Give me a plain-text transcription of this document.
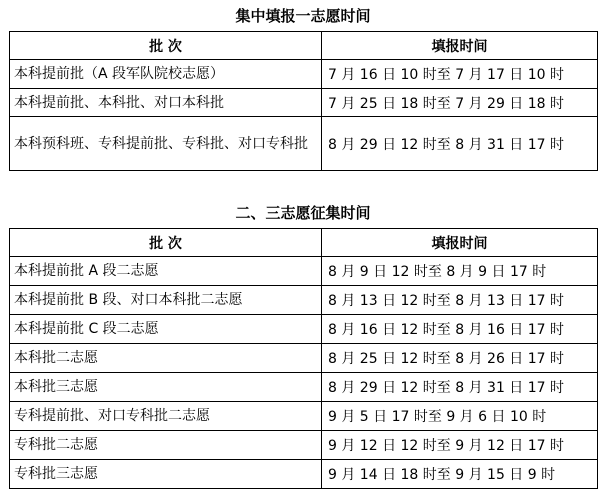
集中填报一志愿时间
批 次	填报时间
本科提前批（A 段军队院校志愿）	7 月 16 日 10 时至 7 月 17 日 10 时
本科提前批、本科批、对口本科批	7 月 25 日 18 时至 7 月 29 日 18 时
本科预科班、专科提前批、专科批、对口专科批	8 月 29 日 12 时至 8 月 31 日 17 时
二、三志愿征集时间
批 次	填报时间
本科提前批 A 段二志愿	8 月 9 日 12 时至 8 月 9 日 17 时
本科提前批 B 段、对口本科批二志愿	8 月 13 日 12 时至 8 月 13 日 17 时
本科提前批 C 段二志愿	8 月 16 日 12 时至 8 月 16 日 17 时
本科批二志愿	8 月 25 日 12 时至 8 月 26 日 17 时
本科批三志愿	8 月 29 日 12 时至 8 月 31 日 17 时
专科提前批、对口专科批二志愿	9 月 5 日 17 时至 9 月 6 日 10 时
专科批二志愿	9 月 12 日 12 时至 9 月 12 日 17 时
专科批三志愿	9 月 14 日 18 时至 9 月 15 日 9 时
